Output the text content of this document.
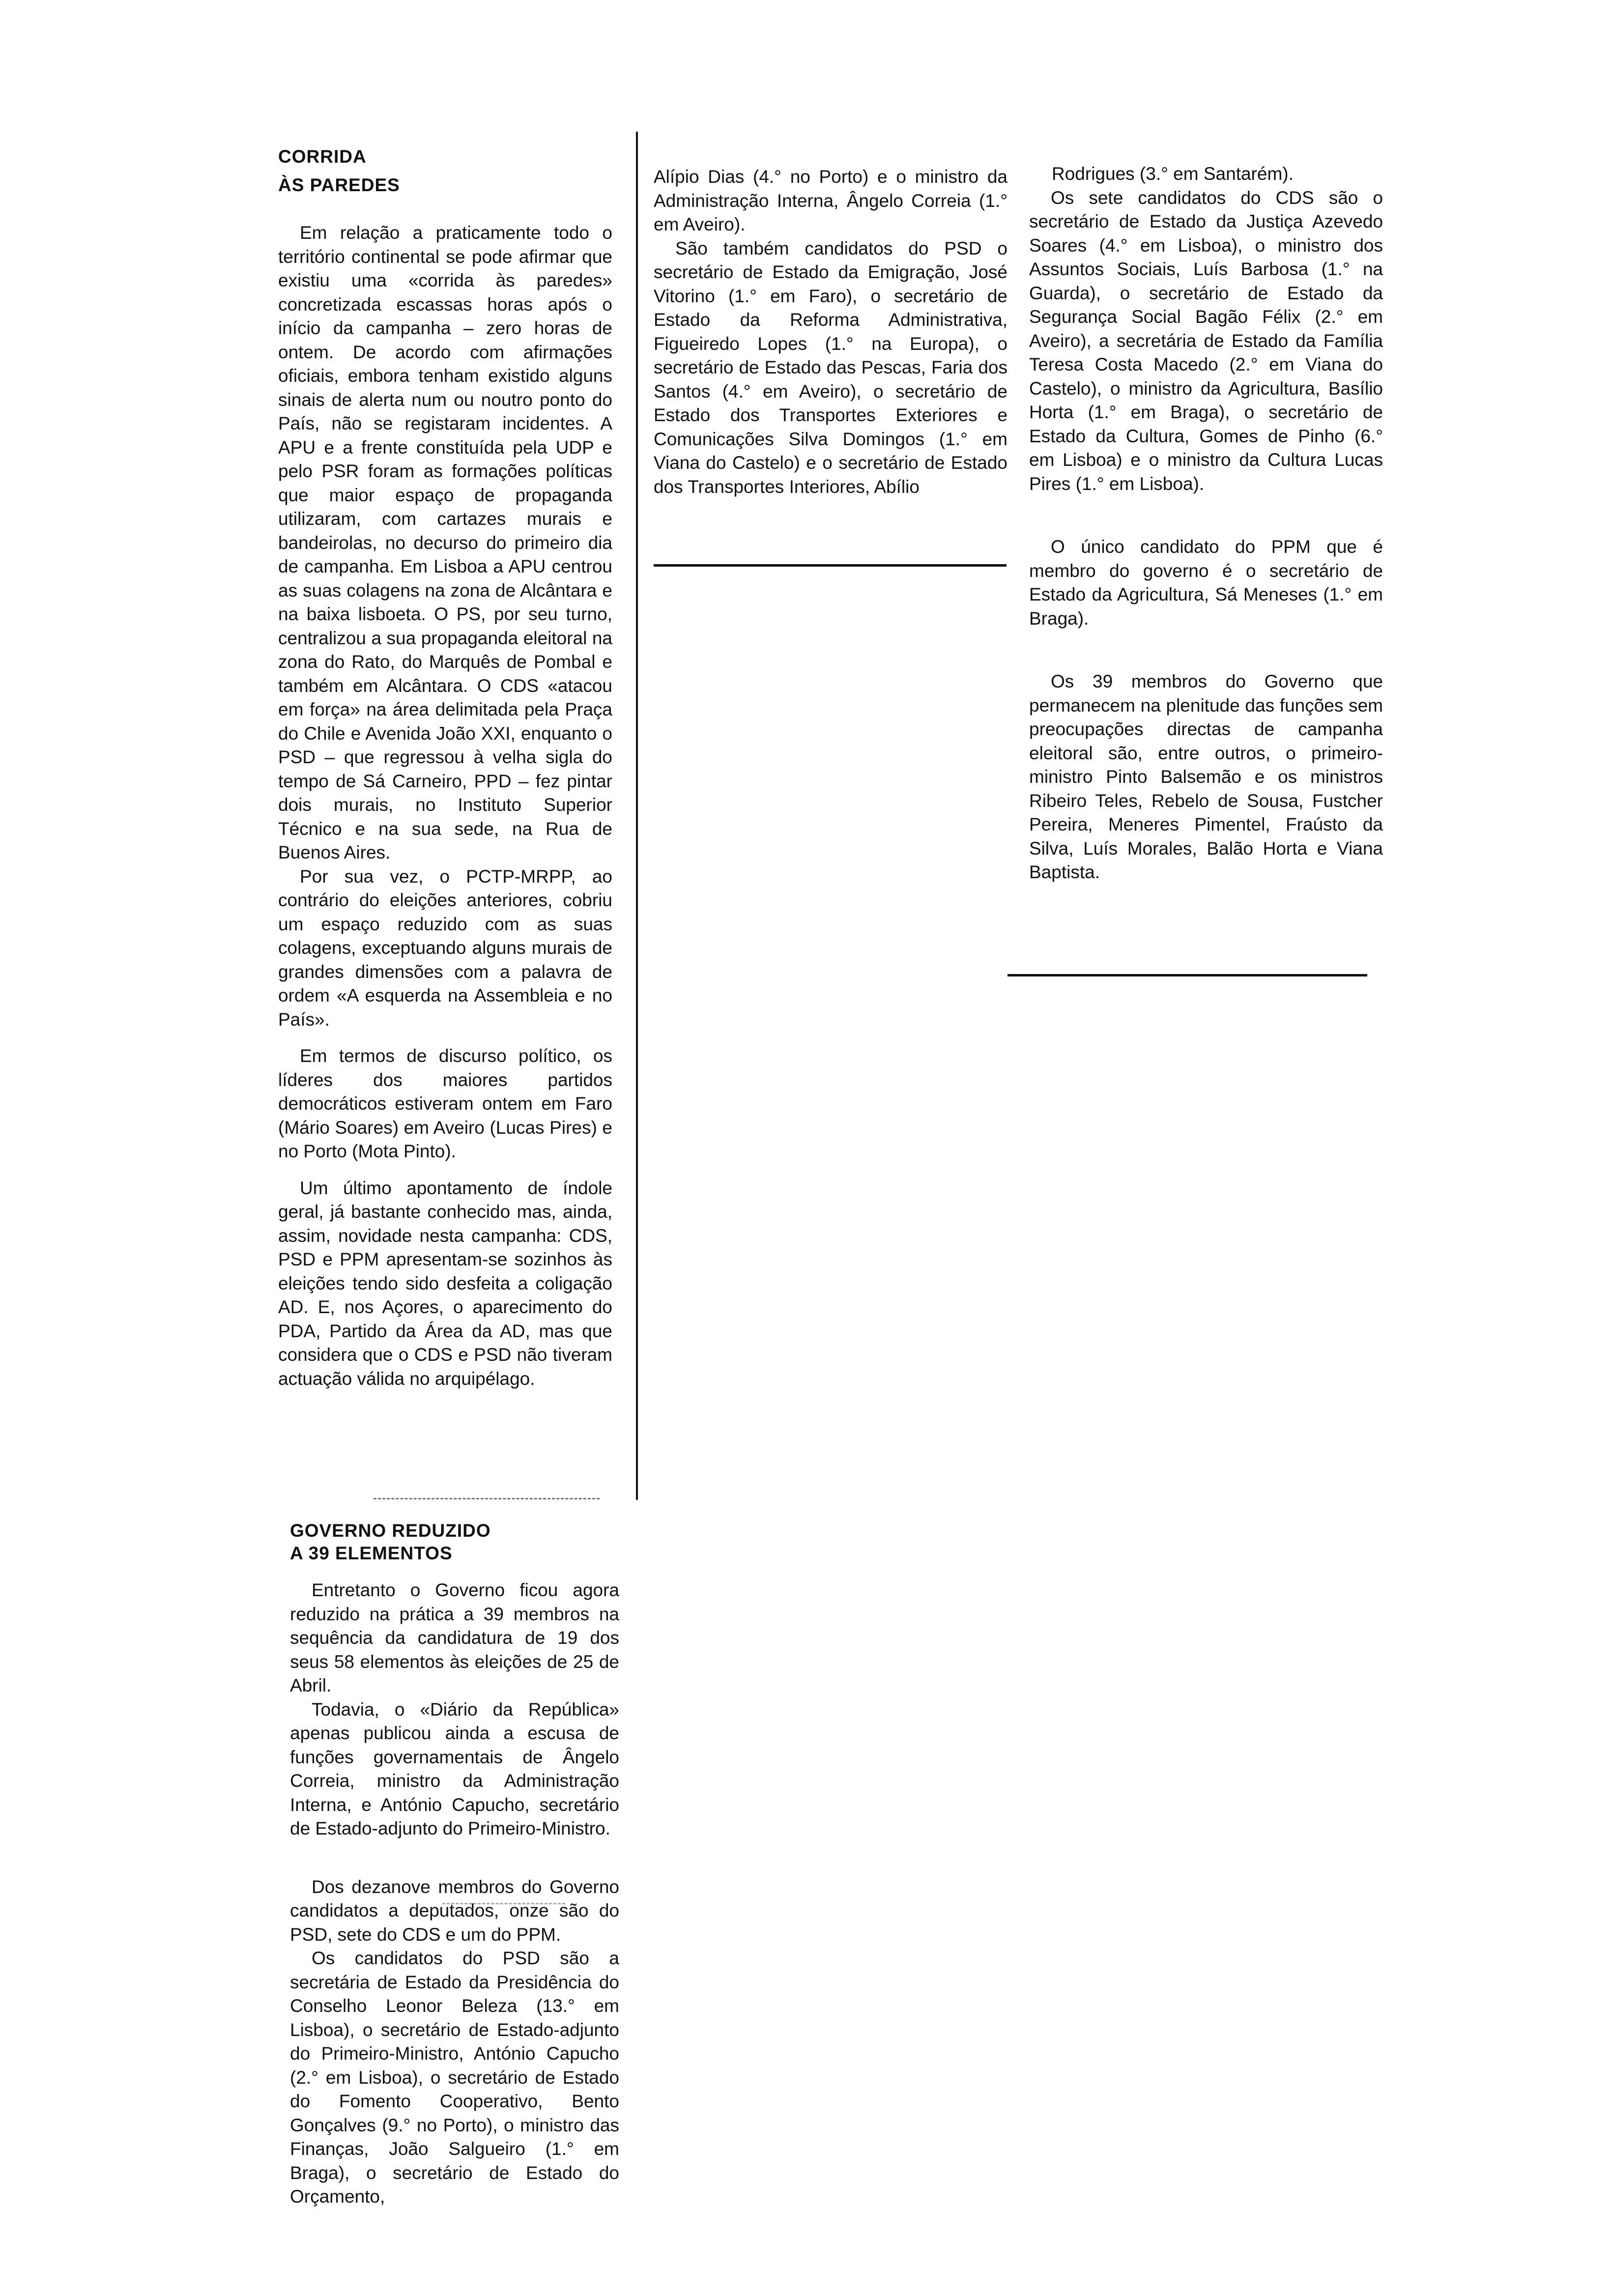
CORRIDA

ÀS PAREDES

Em relação a praticamente todo o território continental se pode afirmar que existiu uma «corrida às paredes» concretizada escassas horas após o início da campanha – zero horas de ontem. De acordo com afirmações oficiais, embora tenham existido alguns sinais de alerta num ou noutro ponto do País, não se registaram incidentes. A APU e a frente constituída pela UDP e pelo PSR foram as formações políticas que maior espaço de propaganda utilizaram, com cartazes murais e bandeirolas, no decurso do primeiro dia de campanha. Em Lisboa a APU centrou as suas colagens na zona de Alcântara e na baixa lisboeta. O PS, por seu turno, centralizou a sua propaganda eleitoral na zona do Rato, do Marquês de Pombal e também em Alcântara. O CDS «atacou em força» na área delimitada pela Praça do Chile e Avenida João XXI, enquanto o PSD – que regressou à velha sigla do tempo de Sá Carneiro, PPD – fez pintar dois murais, no Instituto Superior Técnico e na sua sede, na Rua de Buenos Aires.

Por sua vez, o PCTP-MRPP, ao contrário do eleições anteriores, cobriu um espaço reduzido com as suas colagens, exceptuando alguns murais de grandes dimensões com a palavra de ordem «A esquerda na Assembleia e no País».

Em termos de discurso político, os líderes dos maiores partidos democráticos estiveram ontem em Faro (Mário Soares) em Aveiro (Lucas Pires) e no Porto (Mota Pinto).

Um último apontamento de índole geral, já bastante conhecido mas, ainda, assim, novidade nesta campanha: CDS, PSD e PPM apresentam-se sozinhos às eleições tendo sido desfeita a coligação AD. E, nos Açores, o aparecimento do PDA, Partido da Área da AD, mas que considera que o CDS e PSD não tiveram actuação válida no arquipélago.

GOVERNO REDUZIDO

A 39 ELEMENTOS

Entretanto o Governo ficou agora reduzido na prática a 39 membros na sequência da candidatura de 19 dos seus 58 elementos às eleições de 25 de Abril.

Todavia, o «Diário da República» apenas publicou ainda a escusa de funções governamentais de Ângelo Correia, ministro da Administração Interna, e António Capucho, secretário de Estado-adjunto do Primeiro-Ministro.

Dos dezanove membros do Governo candidatos a deputados, onze são do PSD, sete do CDS e um do PPM.

Os candidatos do PSD são a secretária de Estado da Presidência do Conselho Leonor Beleza (13.° em Lisboa), o secretário de Estado-adjunto do Primeiro-Ministro, António Capucho (2.° em Lisboa), o secretário de Estado do Fomento Cooperativo, Bento Gonçalves (9.° no Porto), o ministro das Finanças, João Salgueiro (1.° em Braga), o secretário de Estado do Orçamento,

Alípio Dias (4.° no Porto) e o ministro da Administração Interna, Ângelo Correia (1.° em Aveiro).

São também candidatos do PSD o secretário de Estado da Emigração, José Vitorino (1.° em Faro), o secretário de Estado da Reforma Administrativa, Figueiredo Lopes (1.° na Europa), o secretário de Estado das Pescas, Faria dos Santos (4.° em Aveiro), o secretário de Estado dos Transportes Exteriores e Comunicações Silva Domingos (1.° em Viana do Castelo) e o secretário de Estado dos Transportes Interiores, Abílio

Rodrigues (3.° em Santarém).

Os sete candidatos do CDS são o secretário de Estado da Justiça Azevedo Soares (4.° em Lisboa), o ministro dos Assuntos Sociais, Luís Barbosa (1.° na Guarda), o secretário de Estado da Segurança Social Bagão Félix (2.° em Aveiro), a secretária de Estado da Família Teresa Costa Macedo (2.° em Viana do Castelo), o ministro da Agricultura, Basílio Horta (1.° em Braga), o secretário de Estado da Cultura, Gomes de Pinho (6.° em Lisboa) e o ministro da Cultura Lucas Pires (1.° em Lisboa).

O único candidato do PPM que é membro do governo é o secretário de Estado da Agricultura, Sá Meneses (1.° em Braga).

Os 39 membros do Governo que permanecem na plenitude das funções sem preocupações directas de campanha eleitoral são, entre outros, o primeiro-ministro Pinto Balsemão e os ministros Ribeiro Teles, Rebelo de Sousa, Fustcher Pereira, Meneres Pimentel, Fraústo da Silva, Luís Morales, Balão Horta e Viana Baptista.
